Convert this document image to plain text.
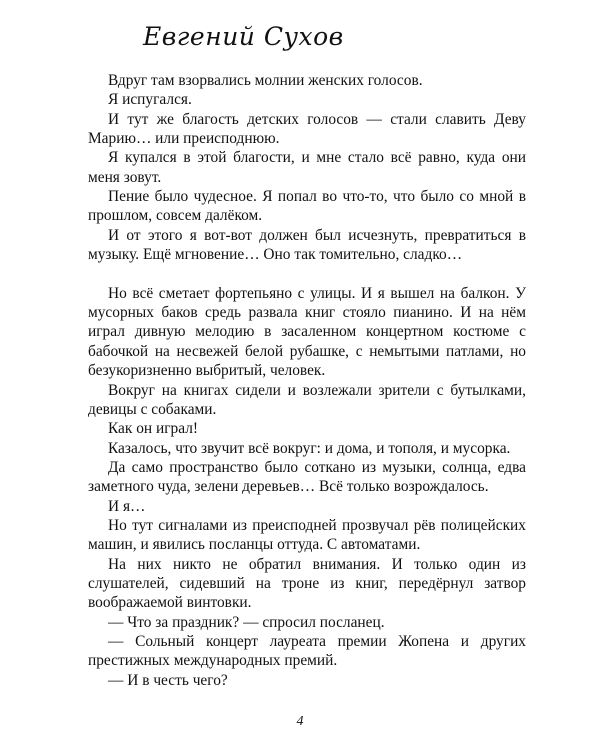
Евгений Сухов

Вдруг там взорвались молнии женских голосов.

Я испугался.

И тут же благость детских голосов — стали славить Деву Марию… или преисподнюю.

Я купался в этой благости, и мне стало всё равно, куда они меня зовут.

Пение было чудесное. Я попал во что-то, что было со мной в прошлом, совсем далёком.

И от этого я вот-вот должен был исчезнуть, превратиться в музыку. Ещё мгновение… Оно так томительно, сладко…

Но всё сметает фортепьяно с улицы. И я вышел на балкон. У мусорных баков средь развала книг стояло пианино. И на нём играл дивную мелодию в засаленном концертном костюме с бабочкой на несвежей белой рубашке, с немытыми патлами, но безукоризненно выбритый, человек.

Вокруг на книгах сидели и возлежали зрители с бутылками, девицы с собаками.

Как он играл!

Казалось, что звучит всё вокруг: и дома, и тополя, и мусорка.

Да само пространство было соткано из музыки, солнца, едва заметного чуда, зелени деревьев… Всё только возрождалось.

И я…

Но тут сигналами из преисподней прозвучал рёв полицейских машин, и явились посланцы оттуда. С автоматами.

На них никто не обратил внимания. И только один из слушателей, сидевший на троне из книг, передёрнул затвор воображаемой винтовки.

— Что за праздник? — спросил посланец.

— Сольный концерт лауреата премии Жопена и других престижных международных премий.

— И в честь чего?

4
